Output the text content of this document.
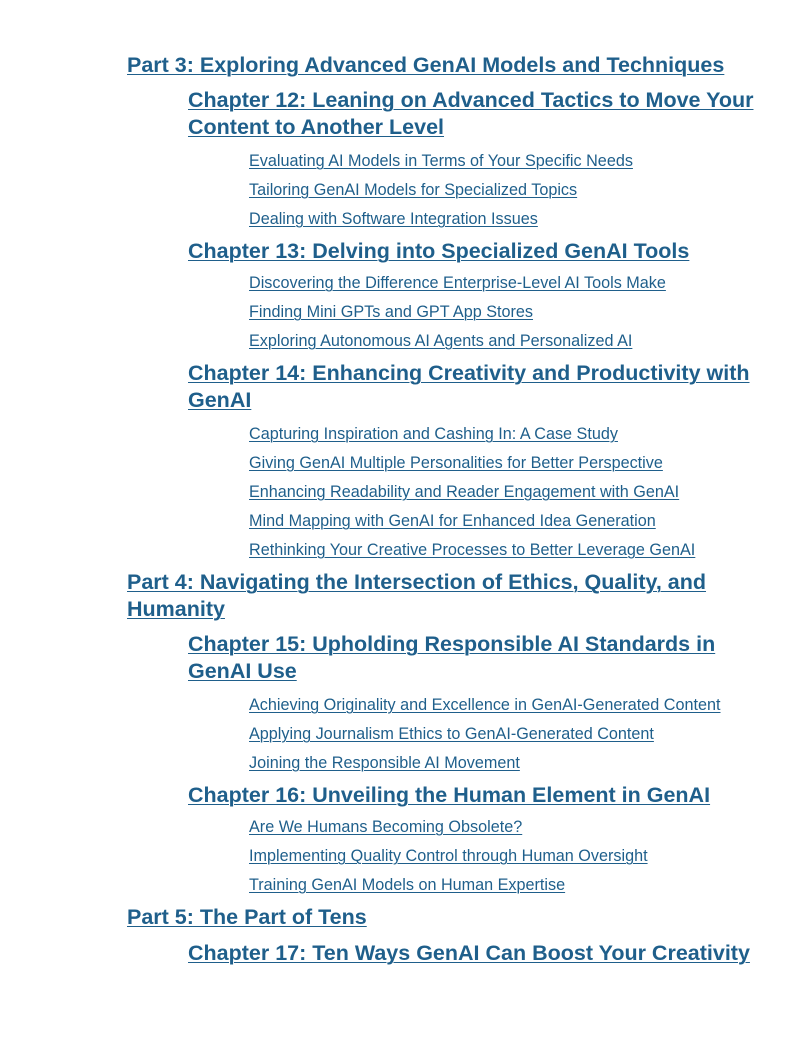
Part 3: Exploring Advanced GenAI Models and Techniques
Chapter 12: Leaning on Advanced Tactics to Move Your Content to Another Level
Evaluating AI Models in Terms of Your Specific Needs
Tailoring GenAI Models for Specialized Topics
Dealing with Software Integration Issues
Chapter 13: Delving into Specialized GenAI Tools
Discovering the Difference Enterprise-Level AI Tools Make
Finding Mini GPTs and GPT App Stores
Exploring Autonomous AI Agents and Personalized AI
Chapter 14: Enhancing Creativity and Productivity with GenAI
Capturing Inspiration and Cashing In: A Case Study
Giving GenAI Multiple Personalities for Better Perspective
Enhancing Readability and Reader Engagement with GenAI
Mind Mapping with GenAI for Enhanced Idea Generation
Rethinking Your Creative Processes to Better Leverage GenAI
Part 4: Navigating the Intersection of Ethics, Quality, and Humanity
Chapter 15: Upholding Responsible AI Standards in GenAI Use
Achieving Originality and Excellence in GenAI-Generated Content
Applying Journalism Ethics to GenAI-Generated Content
Joining the Responsible AI Movement
Chapter 16: Unveiling the Human Element in GenAI
Are We Humans Becoming Obsolete?
Implementing Quality Control through Human Oversight
Training GenAI Models on Human Expertise
Part 5: The Part of Tens
Chapter 17: Ten Ways GenAI Can Boost Your Creativity
